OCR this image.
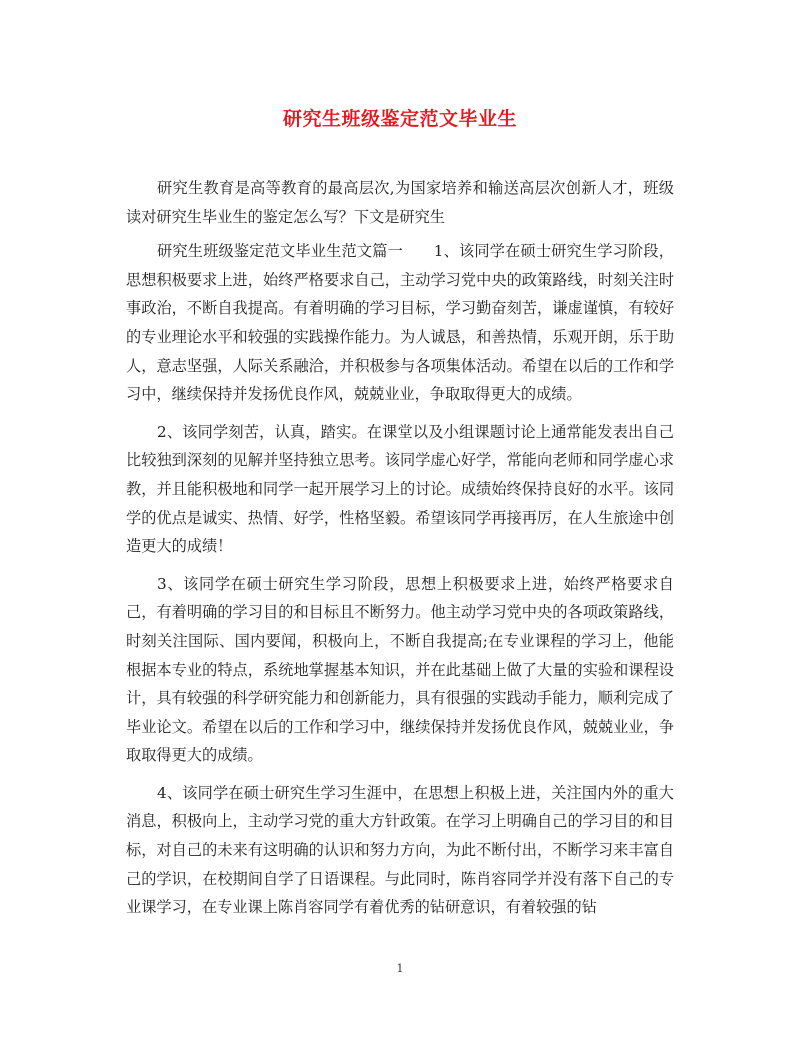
研究生班级鉴定范文毕业生

研究生教育是高等教育的最高层次,为国家培养和输送高层次创新人才，班级读对研究生毕业生的鉴定怎么写？下文是研究生

研究生班级鉴定范文毕业生范文篇一　　1、该同学在硕士研究生学习阶段，思想积极要求上进，始终严格要求自己，主动学习党中央的政策路线，时刻关注时事政治，不断自我提高。有着明确的学习目标，学习勤奋刻苦，谦虚谨慎，有较好的专业理论水平和较强的实践操作能力。为人诚恳，和善热情，乐观开朗，乐于助人，意志坚强，人际关系融洽，并积极参与各项集体活动。希望在以后的工作和学习中，继续保持并发扬优良作风，兢兢业业，争取取得更大的成绩。

2、该同学刻苦，认真，踏实。在课堂以及小组课题讨论上通常能发表出自己比较独到深刻的见解并坚持独立思考。该同学虚心好学，常能向老师和同学虚心求教，并且能积极地和同学一起开展学习上的讨论。成绩始终保持良好的水平。该同学的优点是诚实、热情、好学，性格坚毅。希望该同学再接再厉，在人生旅途中创造更大的成绩！

3、该同学在硕士研究生学习阶段，思想上积极要求上进，始终严格要求自己，有着明确的学习目的和目标且不断努力。他主动学习党中央的各项政策路线，时刻关注国际、国内要闻，积极向上，不断自我提高;在专业课程的学习上，他能根据本专业的特点，系统地掌握基本知识，并在此基础上做了大量的实验和课程设计，具有较强的科学研究能力和创新能力，具有很强的实践动手能力，顺利完成了毕业论文。希望在以后的工作和学习中，继续保持并发扬优良作风，兢兢业业，争取取得更大的成绩。

4、该同学在硕士研究生学习生涯中，在思想上积极上进，关注国内外的重大消息，积极向上，主动学习党的重大方针政策。在学习上明确自己的学习目的和目标，对自己的未来有这明确的认识和努力方向，为此不断付出，不断学习来丰富自己的学识，在校期间自学了日语课程。与此同时，陈肖容同学并没有落下自己的专业课学习，在专业课上陈肖容同学有着优秀的钻研意识，有着较强的钻

1
